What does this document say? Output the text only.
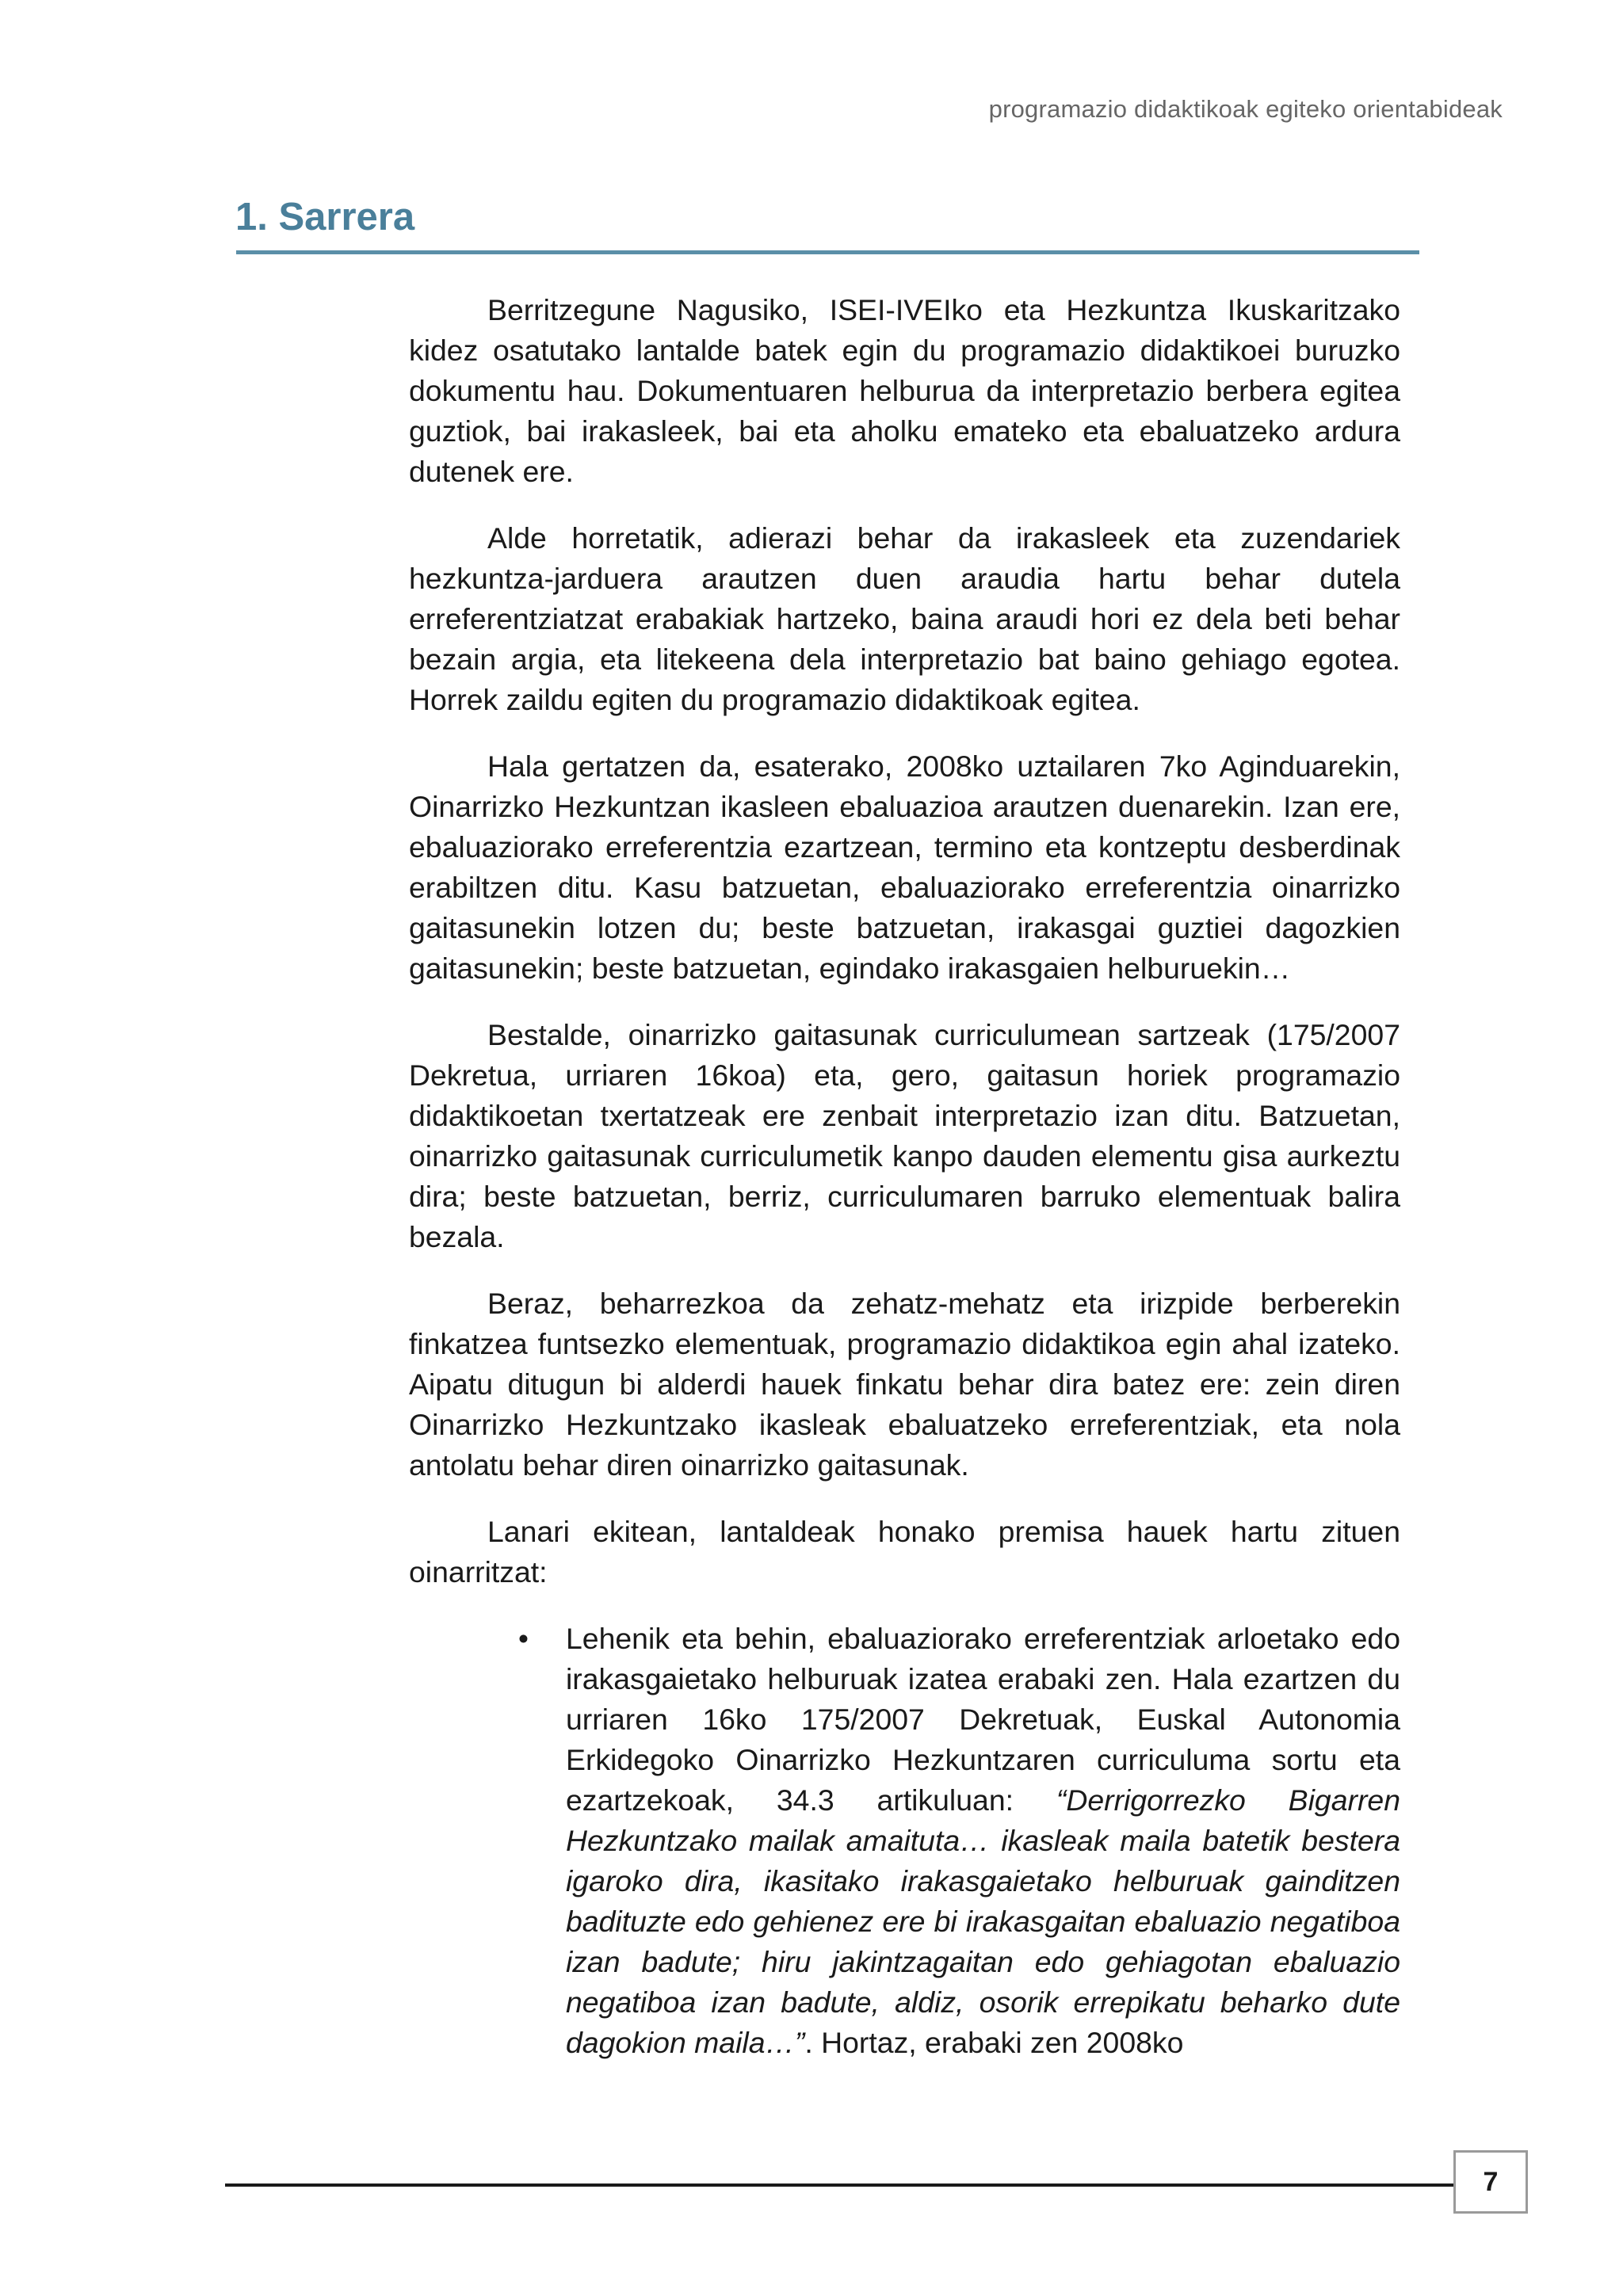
programazio didaktikoak egiteko orientabideak
1. Sarrera

Berritzegune Nagusiko, ISEI-IVEIko eta Hezkuntza Ikuskaritzako kidez osatutako lantalde batek egin du programazio didaktikoei buruzko dokumentu hau. Dokumentuaren helburua da interpretazio berbera egitea guztiok, bai irakasleek, bai eta aholku emateko eta ebaluatzeko ardura dutenek ere.

Alde horretatik, adierazi behar da irakasleek eta zuzendariek hezkuntza-jarduera arautzen duen araudia hartu behar dutela erreferentziatzat erabakiak hartzeko, baina araudi hori ez dela beti behar bezain argia, eta litekeena dela interpretazio bat baino gehiago egotea. Horrek zaildu egiten du programazio didaktikoak egitea.

Hala gertatzen da, esaterako, 2008ko uztailaren 7ko Aginduarekin, Oinarrizko Hezkuntzan ikasleen ebaluazioa arautzen duenarekin. Izan ere, ebaluaziorako erreferentzia ezartzean, termino eta kontzeptu desberdinak erabiltzen ditu. Kasu batzuetan, ebaluaziorako erreferentzia oinarrizko gaitasunekin lotzen du; beste batzuetan, irakasgai guztiei dagozkien gaitasunekin; beste batzuetan, egindako irakasgaien helburuekin…

Bestalde, oinarrizko gaitasunak curriculumean sartzeak (175/2007 Dekretua, urriaren 16koa) eta, gero, gaitasun horiek programazio didaktikoetan txertatzeak ere zenbait interpretazio izan ditu. Batzuetan, oinarrizko gaitasunak curriculumetik kanpo dauden elementu gisa aurkeztu dira; beste batzuetan, berriz, curriculumaren barruko elementuak balira bezala.

Beraz, beharrezkoa da zehatz-mehatz eta irizpide berberekin finkatzea funtsezko elementuak, programazio didaktikoa egin ahal izateko. Aipatu ditugun bi alderdi hauek finkatu behar dira batez ere: zein diren Oinarrizko Hezkuntzako ikasleak ebaluatzeko erreferentziak, eta nola antolatu behar diren oinarrizko gaitasunak.

Lanari ekitean, lantaldeak honako premisa hauek hartu zituen oinarritzat:

• Lehenik eta behin, ebaluaziorako erreferentziak arloetako edo irakasgaietako helburuak izatea erabaki zen. Hala ezartzen du urriaren 16ko 175/2007 Dekretuak, Euskal Autonomia Erkidegoko Oinarrizko Hezkuntzaren curriculuma sortu eta ezartzekoak, 34.3 artikuluan: “Derrigorrezko Bigarren Hezkuntzako mailak amaituta… ikasleak maila batetik bestera igaroko dira, ikasitako irakasgaietako helburuak gainditzen badituzte edo gehienez ere bi irakasgaitan ebaluazio negatiboa izan badute; hiru jakintzagaitan edo gehiagotan ebaluazio negatiboa izan badute, aldiz, osorik errepikatu beharko dute dagokion maila…”. Hortaz, erabaki zen 2008ko
7
